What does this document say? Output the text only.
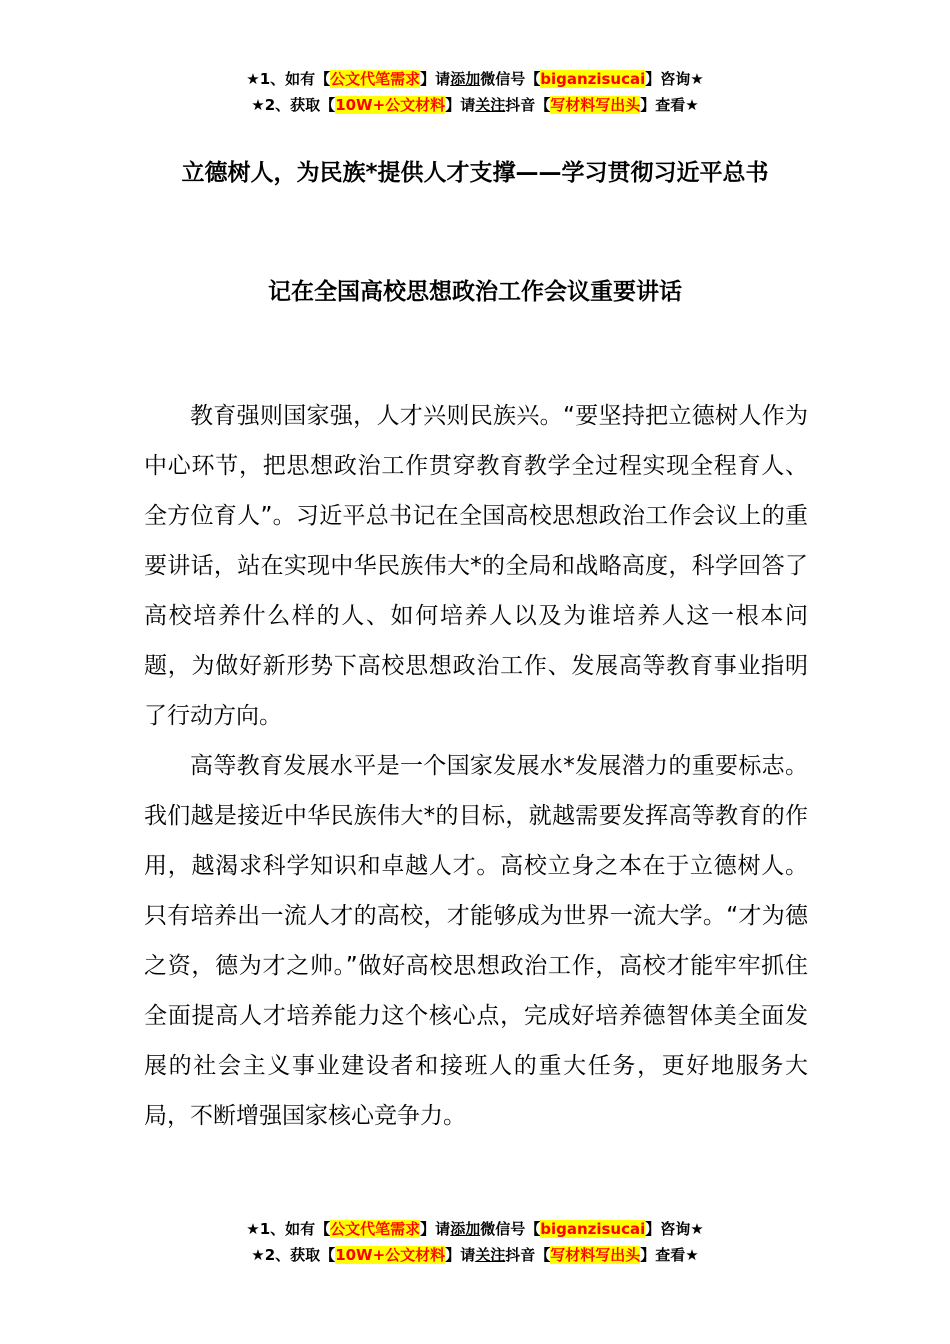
★1、如有【公文代笔需求】请添加微信号【biganzisucai】咨询★
★2、获取【10W+公文材料】请关注抖音【写材料写出头】查看★
立德树人，为民族*提供人才支撑——学习贯彻习近平总书
记在全国高校思想政治工作会议重要讲话

教育强则国家强，人才兴则民族兴。“要坚持把立德树人作为中心环节，把思想政治工作贯穿教育教学全过程实现全程育人、全方位育人”。习近平总书记在全国高校思想政治工作会议上的重要讲话，站在实现中华民族伟大*的全局和战略高度，科学回答了高校培养什么样的人、如何培养人以及为谁培养人这一根本问题，为做好新形势下高校思想政治工作、发展高等教育事业指明了行动方向。

高等教育发展水平是一个国家发展水*发展潜力的重要标志。我们越是接近中华民族伟大*的目标，就越需要发挥高等教育的作用，越渴求科学知识和卓越人才。高校立身之本在于立德树人。只有培养出一流人才的高校，才能够成为世界一流大学。“才为德之资，德为才之帅。”做好高校思想政治工作，高校才能牢牢抓住全面提高人才培养能力这个核心点，完成好培养德智体美全面发展的社会主义事业建设者和接班人的重大任务，更好地服务大局，不断增强国家核心竞争力。

★1、如有【公文代笔需求】请添加微信号【biganzisucai】咨询★
★2、获取【10W+公文材料】请关注抖音【写材料写出头】查看★
